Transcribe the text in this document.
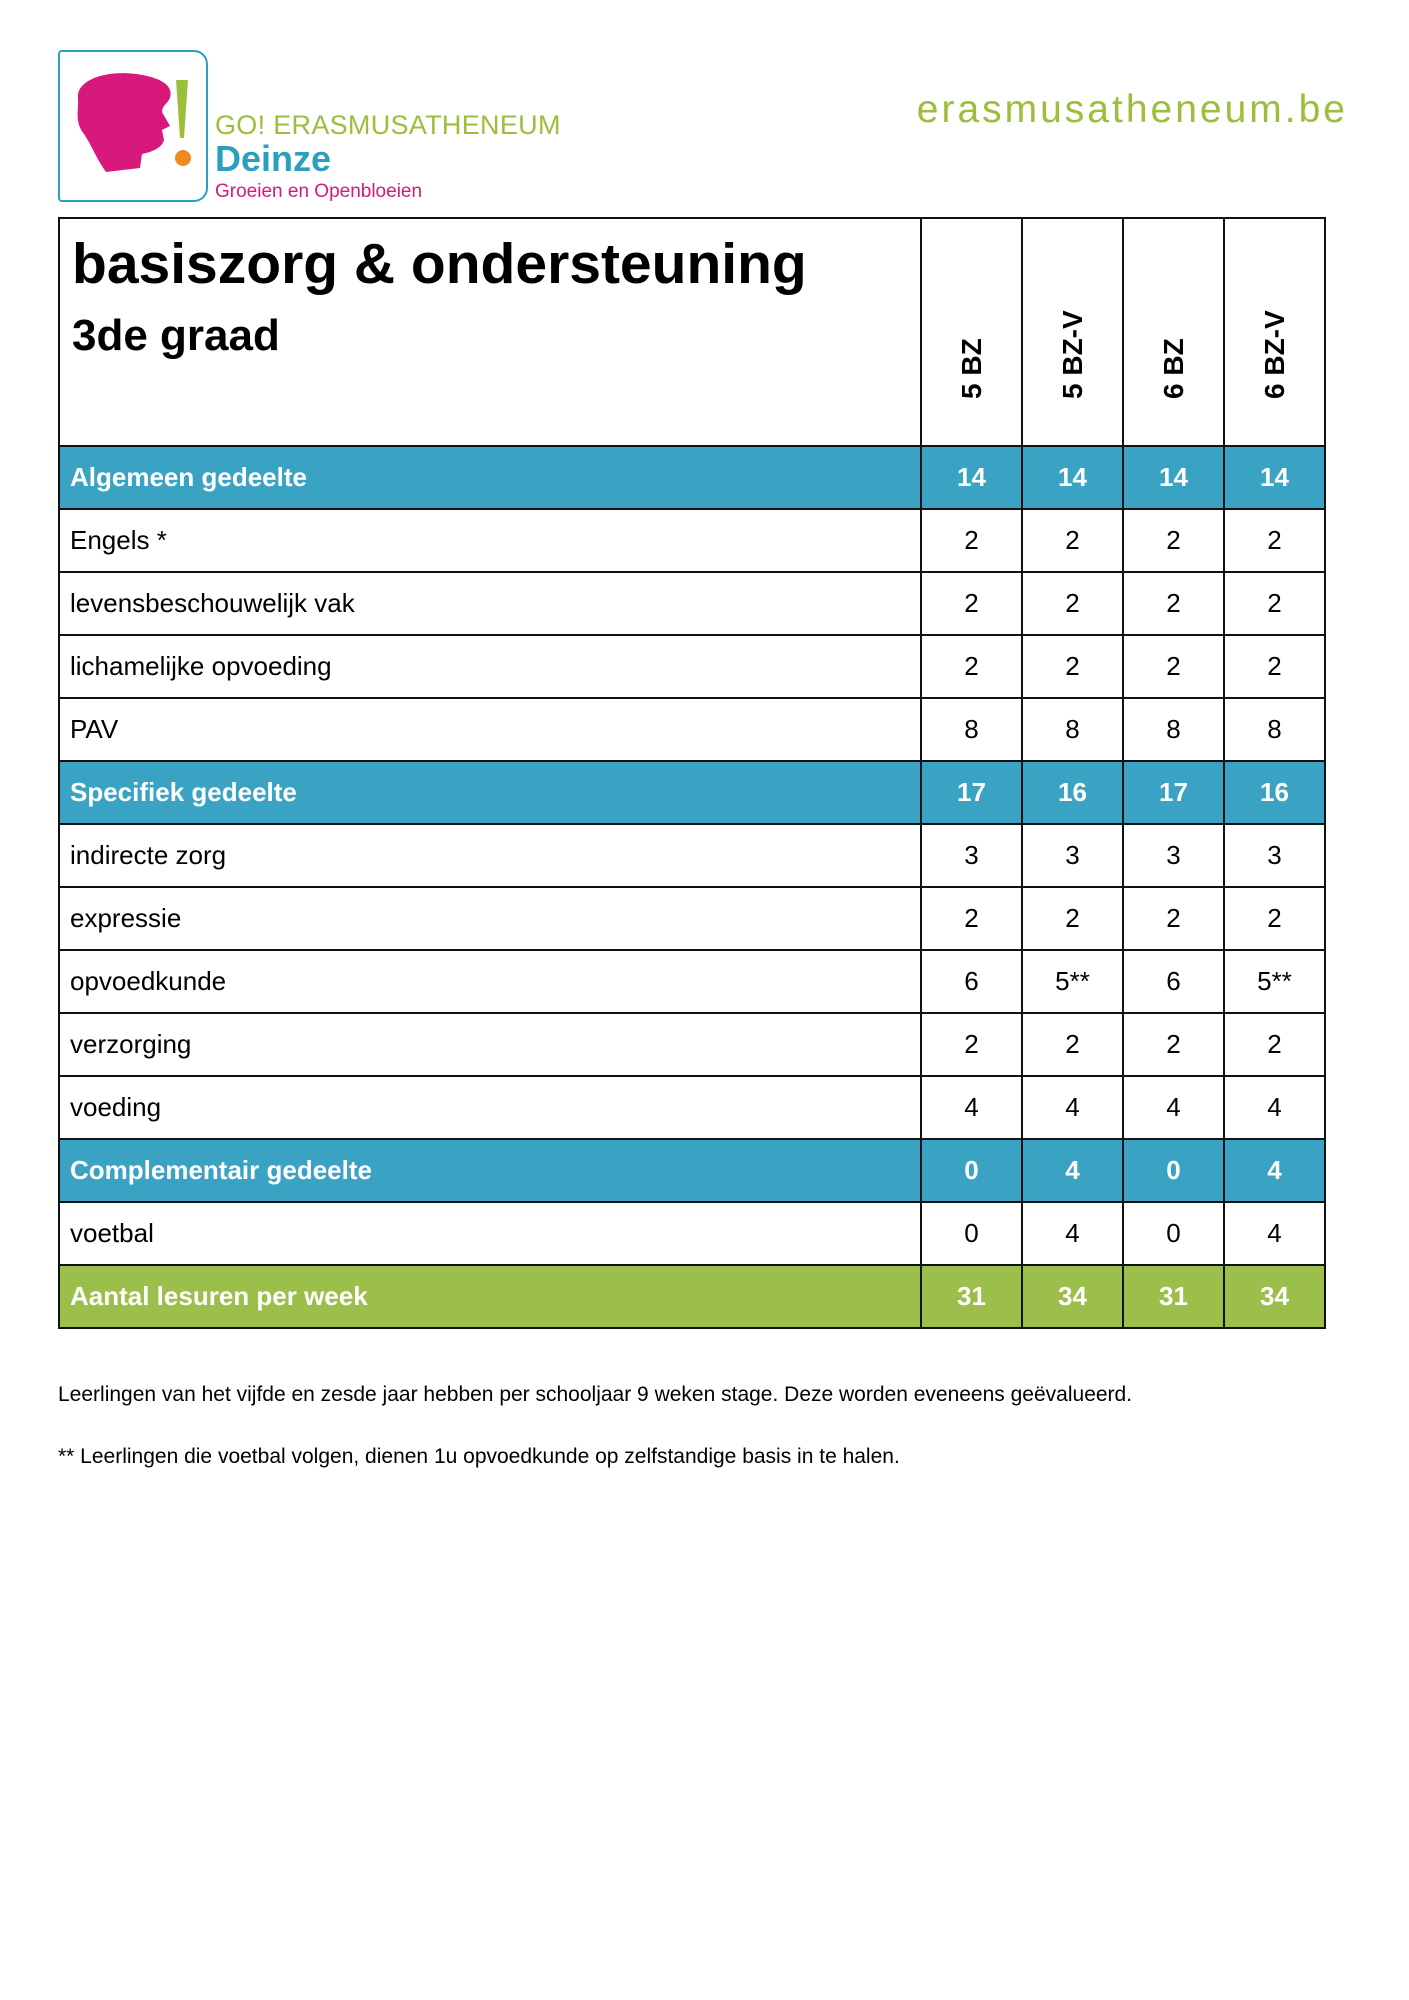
GO! ERASMUSATHENEUM
Deinze
Groeien en Openbloeien
erasmusatheneum.be
basiszorg & ondersteuning
3de graad	5 BZ	5 BZ-V	6 BZ	6 BZ-V

Algemeen gedeelte	14	14	14	14
Engels *	2	2	2	2
levensbeschouwelijk vak	2	2	2	2
lichamelijke opvoeding	2	2	2	2
PAV	8	8	8	8
Specifiek gedeelte	17	16	17	16
indirecte zorg	3	3	3	3
expressie	2	2	2	2
opvoedkunde	6	5**	6	5**
verzorging	2	2	2	2
voeding	4	4	4	4
Complementair gedeelte	0	4	0	4
voetbal	0	4	0	4
Aantal lesuren per week	31	34	31	34
Leerlingen van het vijfde en zesde jaar hebben per schooljaar 9 weken stage. Deze worden eveneens geëvalueerd.
** Leerlingen die voetbal volgen, dienen 1u opvoedkunde op zelfstandige basis in te halen.
